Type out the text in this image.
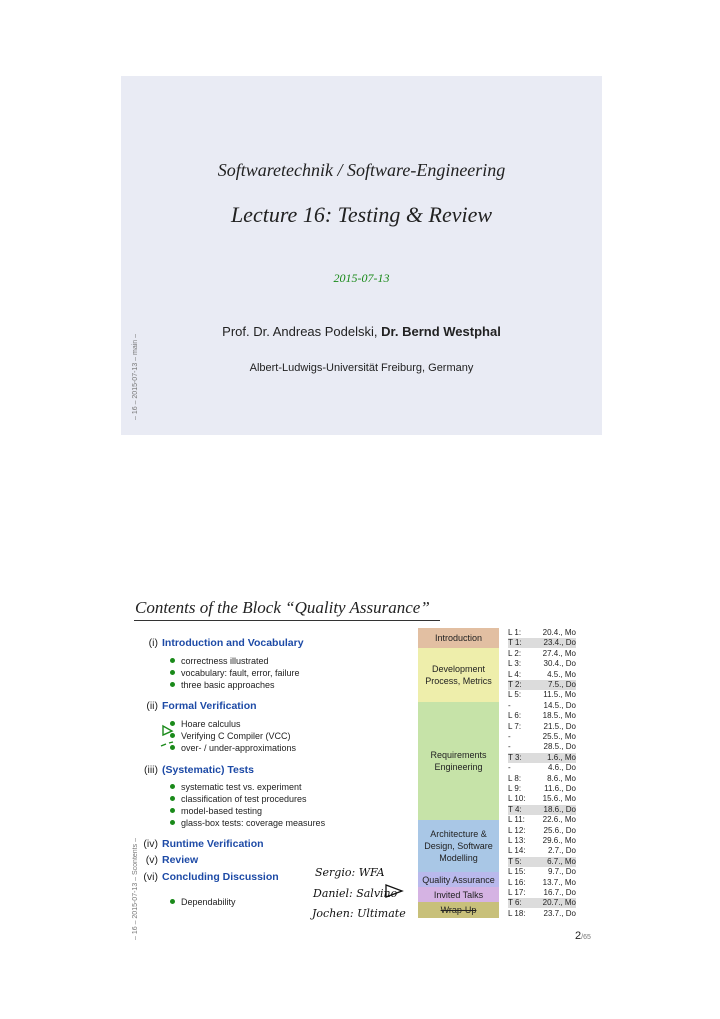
Softwaretechnik / Software-Engineering
Lecture 16: Testing & Review
2015-07-13
Prof. Dr. Andreas Podelski, Dr. Bernd Westphal
Albert-Ludwigs-Universität Freiburg, Germany
– 16 – 2015-07-13 – main –
Contents of the Block “Quality Assurance”
– 16 – 2015-07-13 – Scontents –
(i) Introduction and Vocabulary
correctness illustrated
vocabulary: fault, error, failure
three basic approaches
(ii) Formal Verification
Hoare calculus
Verifying C Compiler (VCC)
over- / under-approximations
(iii) (Systematic) Tests
systematic test vs. experiment
classification of test procedures
model-based testing
glass-box tests: coverage measures
(iv) Runtime Verification
(v) Review
(vi) Concluding Discussion
Dependability
Introduction
Development Process, Metrics
Requirements Engineering
Architecture & Design, Software Modelling
Quality Assurance
Invited Talks
Wrap-Up
L 1:	20.4., Mo
T 1:	23.4., Do
L 2:	27.4., Mo
L 3:	30.4., Do
L 4:	4.5., Mo
T 2:	7.5., Do
L 5:	11.5., Mo
-	14.5., Do
L 6:	18.5., Mo
L 7:	21.5., Do
-	25.5., Mo
-	28.5., Do
T 3:	1.6., Mo
-	4.6., Do
L 8:	8.6., Mo
L 9:	11.6., Do
L 10: 15.6., Mo
T 4:	18.6., Do
L 11: 22.6., Mo
L 12: 25.6., Do
L 13: 29.6., Mo
L 14:	2.7., Do
T 5:	6.7., Mo
L 15:	9.7., Do
L 16: 13.7., Mo
L 17: 16.7., Do
T 6:	20.7., Mo
L 18: 23.7., Do
Sergio: WFA
Daniel: Salvino
Jochen: Ultimate
2/65
